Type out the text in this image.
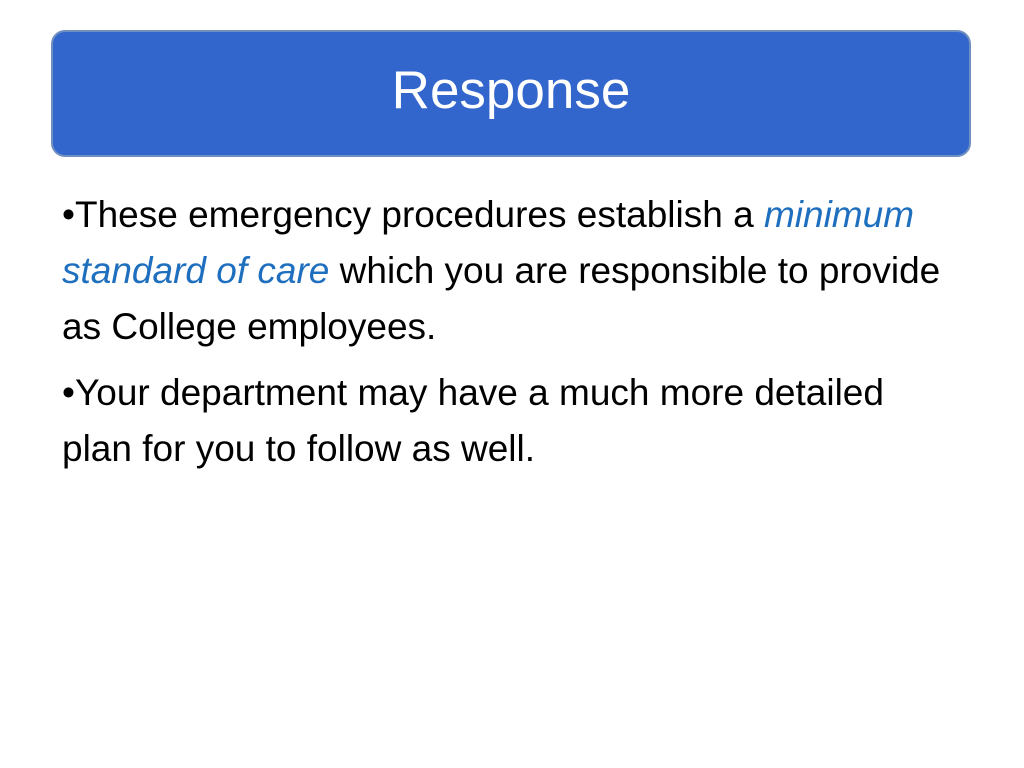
Response
•These emergency procedures establish a minimum standard of care which you are responsible to provide as College employees.
•Your department may have a much more detailed plan for you to follow as well.
